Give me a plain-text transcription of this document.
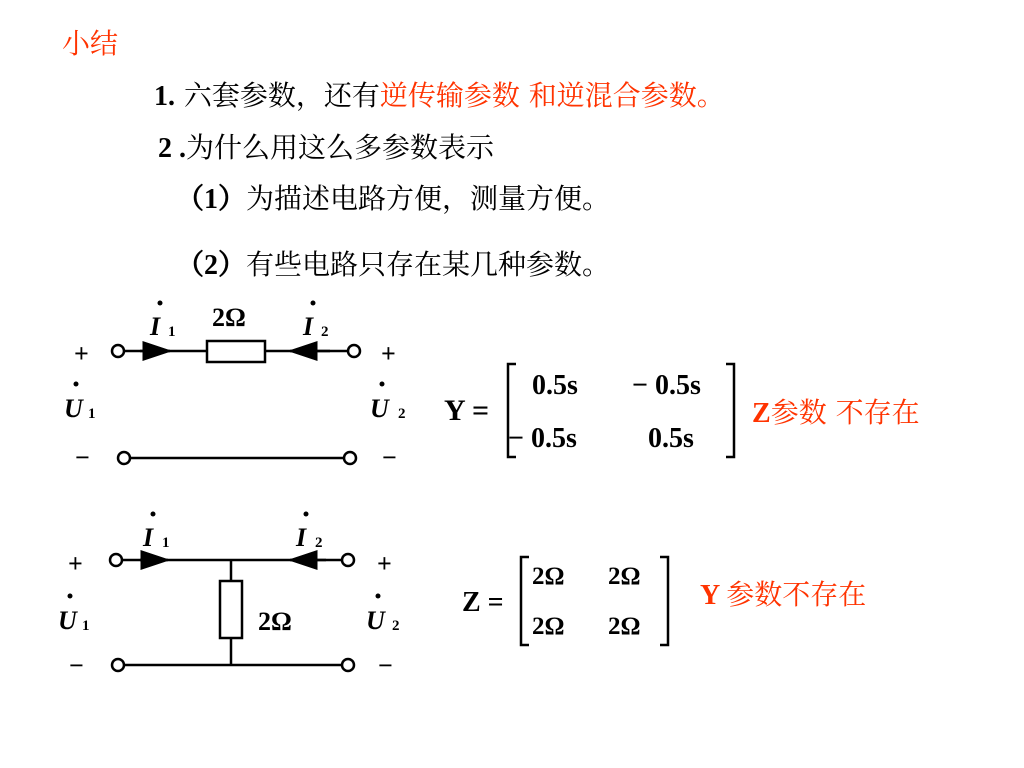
小结
1. 六套参数，还有逆传输参数 和逆混合参数。
2 .为什么用这么多参数表示
（1）为描述电路方便，测量方便。
（2）有些电路只存在某几种参数。
I 1 2Ω I 2
+	+
−	−
U 1	U 2 Y =
0.5s − 0.5s
− 0.5s	0.5s
Z参数 不存在
I 1	I 2
2Ω
+	+
−	−
U 1	U 2
Z =
2Ω 2Ω
2Ω 2Ω
Y 参数不存在
